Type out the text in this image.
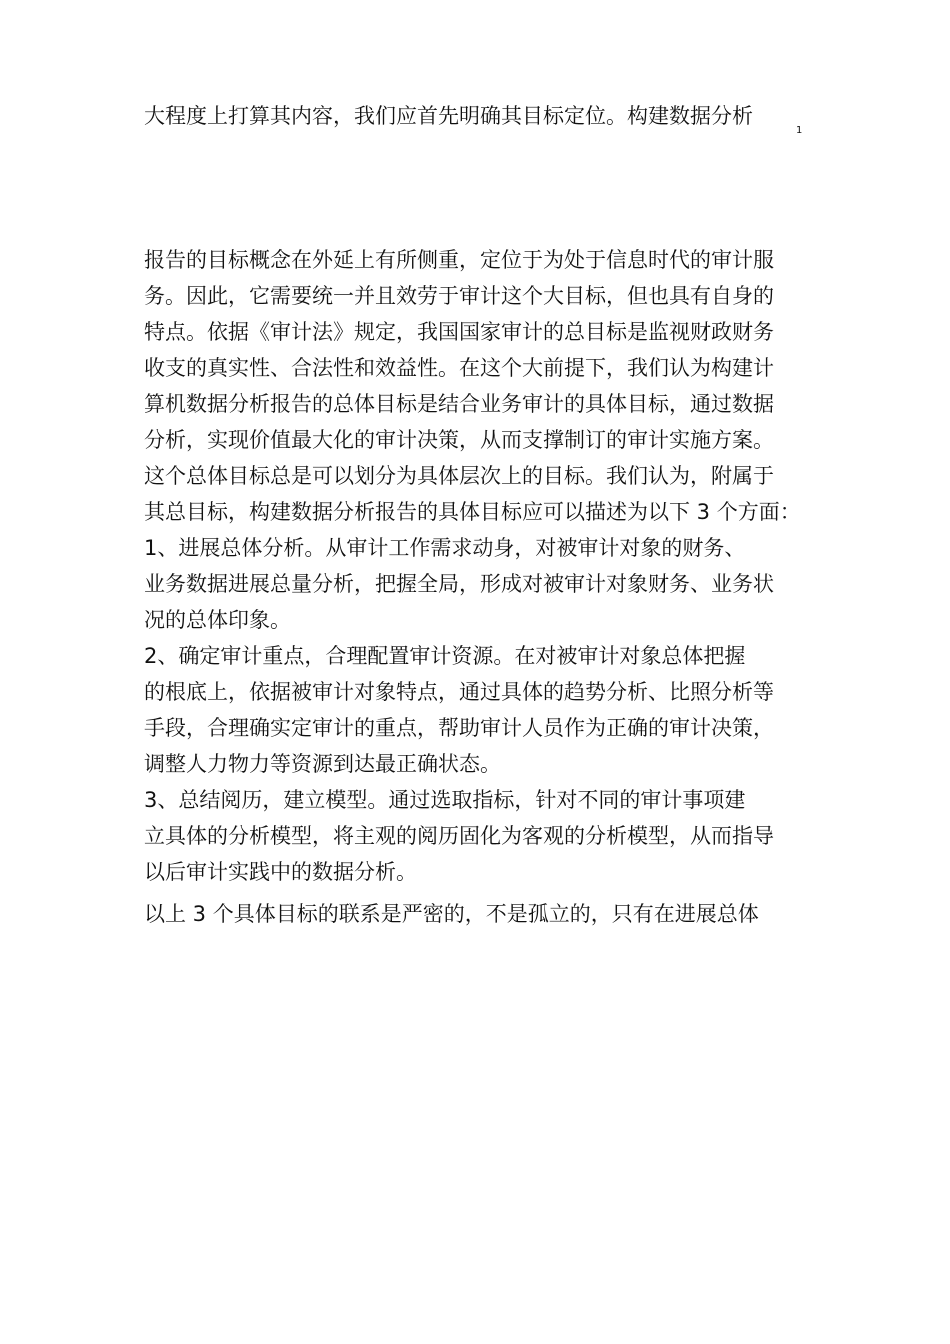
大程度上打算其内容，我们应首先明确其目标定位。构建数据分析
1
报告的目标概念在外延上有所侧重，定位于为处于信息时代的审计服
务。因此，它需要统一并且效劳于审计这个大目标，但也具有自身的
特点。依据《审计法》规定，我国国家审计的总目标是监视财政财务
收支的真实性、合法性和效益性。在这个大前提下，我们认为构建计
算机数据分析报告的总体目标是结合业务审计的具体目标，通过数据
分析，实现价值最大化的审计决策，从而支撑制订的审计实施方案。
这个总体目标总是可以划分为具体层次上的目标。我们认为，附属于
其总目标，构建数据分析报告的具体目标应可以描述为以下 3 个方面：
1、进展总体分析。从审计工作需求动身，对被审计对象的财务、
业务数据进展总量分析，把握全局，形成对被审计对象财务、业务状
况的总体印象。
2、确定审计重点，合理配置审计资源。在对被审计对象总体把握
的根底上，依据被审计对象特点，通过具体的趋势分析、比照分析等
手段，合理确实定审计的重点，帮助审计人员作为正确的审计决策，
调整人力物力等资源到达最正确状态。
3、总结阅历，建立模型。通过选取指标，针对不同的审计事项建
立具体的分析模型，将主观的阅历固化为客观的分析模型，从而指导
以后审计实践中的数据分析。
以上 3 个具体目标的联系是严密的，不是孤立的，只有在进展总体
